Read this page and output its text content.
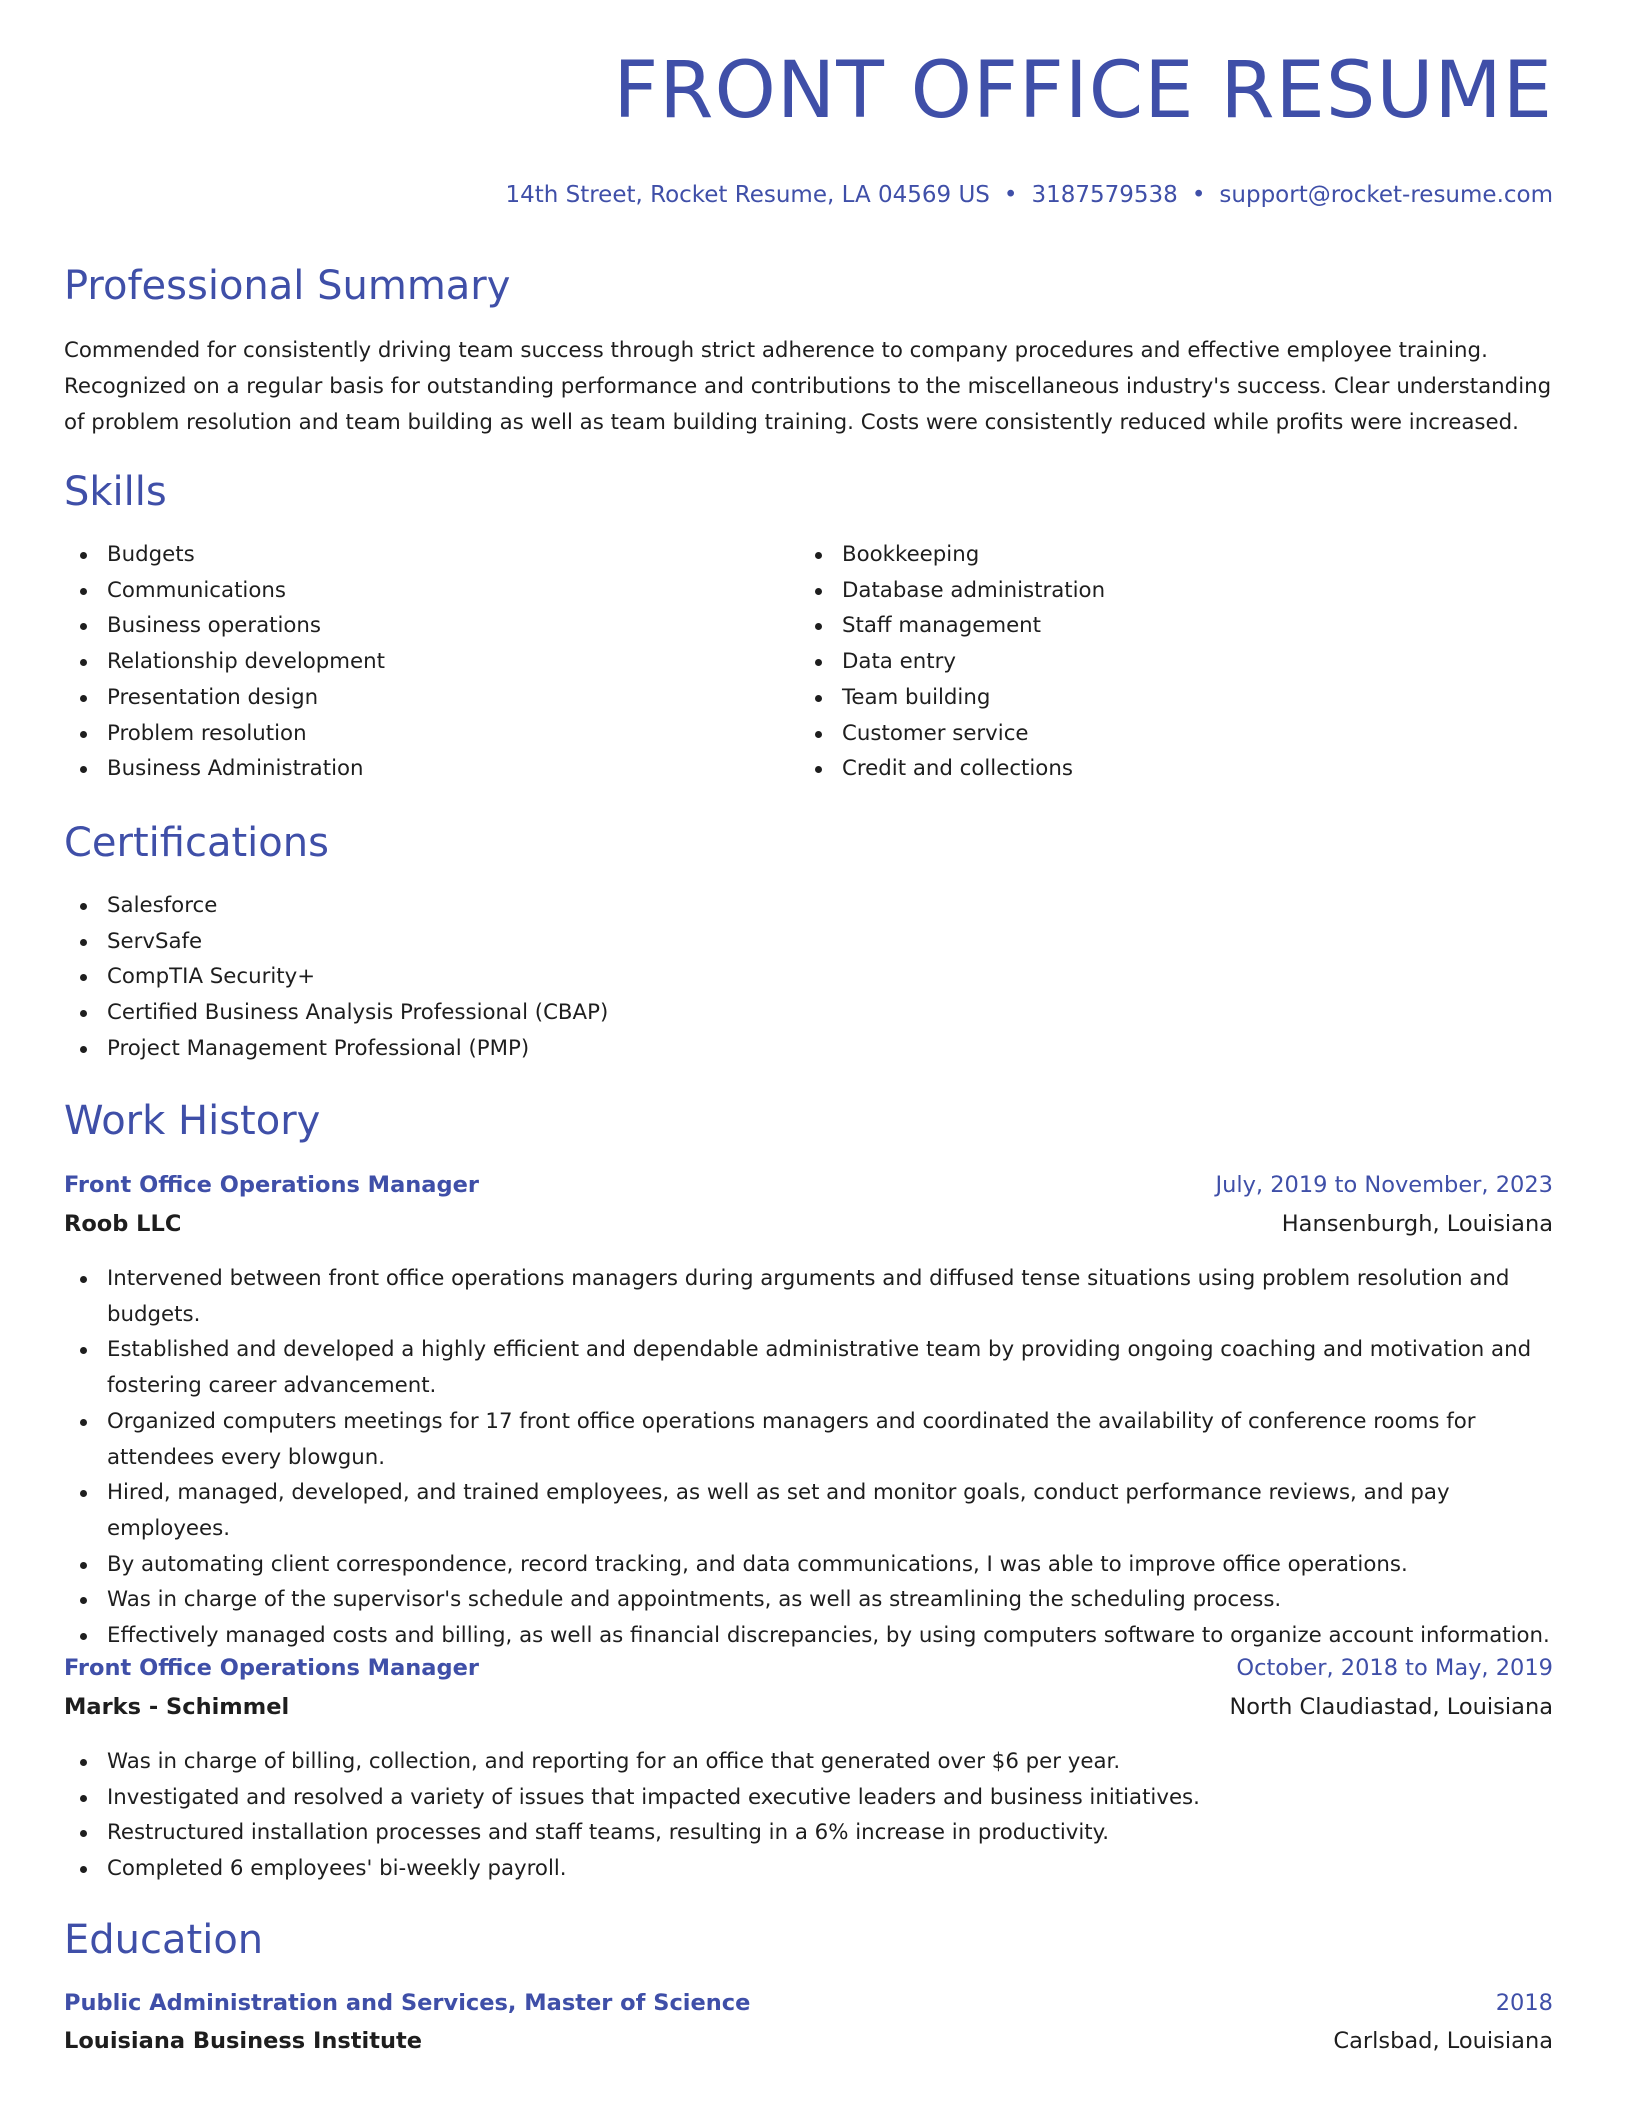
FRONT OFFICE RESUME
14th Street, Rocket Resume, LA 04569 US • 3187579538 • support@rocket-resume.com
Professional Summary
Commended for consistently driving team success through strict adherence to company procedures and effective employee training. Recognized on a regular basis for outstanding performance and contributions to the miscellaneous industry's success. Clear understanding of problem resolution and team building as well as team building training. Costs were consistently reduced while profits were increased.
Skills
Budgets
Communications
Business operations
Relationship development
Presentation design
Problem resolution
Business Administration
Bookkeeping
Database administration
Staff management
Data entry
Team building
Customer service
Credit and collections
Certifications
Salesforce
ServSafe
CompTIA Security+
Certified Business Analysis Professional (CBAP)
Project Management Professional (PMP)
Work History
Front Office Operations Manager	July, 2019 to November, 2023
Roob LLC	Hansenburgh, Louisiana
Intervened between front office operations managers during arguments and diffused tense situations using problem resolution and budgets.
Established and developed a highly efficient and dependable administrative team by providing ongoing coaching and motivation and fostering career advancement.
Organized computers meetings for 17 front office operations managers and coordinated the availability of conference rooms for attendees every blowgun.
Hired, managed, developed, and trained employees, as well as set and monitor goals, conduct performance reviews, and pay employees.
By automating client correspondence, record tracking, and data communications, I was able to improve office operations.
Was in charge of the supervisor's schedule and appointments, as well as streamlining the scheduling process.
Effectively managed costs and billing, as well as financial discrepancies, by using computers software to organize account information.
Front Office Operations Manager	October, 2018 to May, 2019
Marks - Schimmel	North Claudiastad, Louisiana
Was in charge of billing, collection, and reporting for an office that generated over $6 per year.
Investigated and resolved a variety of issues that impacted executive leaders and business initiatives.
Restructured installation processes and staff teams, resulting in a 6% increase in productivity.
Completed 6 employees' bi-weekly payroll.
Education
Public Administration and Services, Master of Science	2018
Louisiana Business Institute	Carlsbad, Louisiana
